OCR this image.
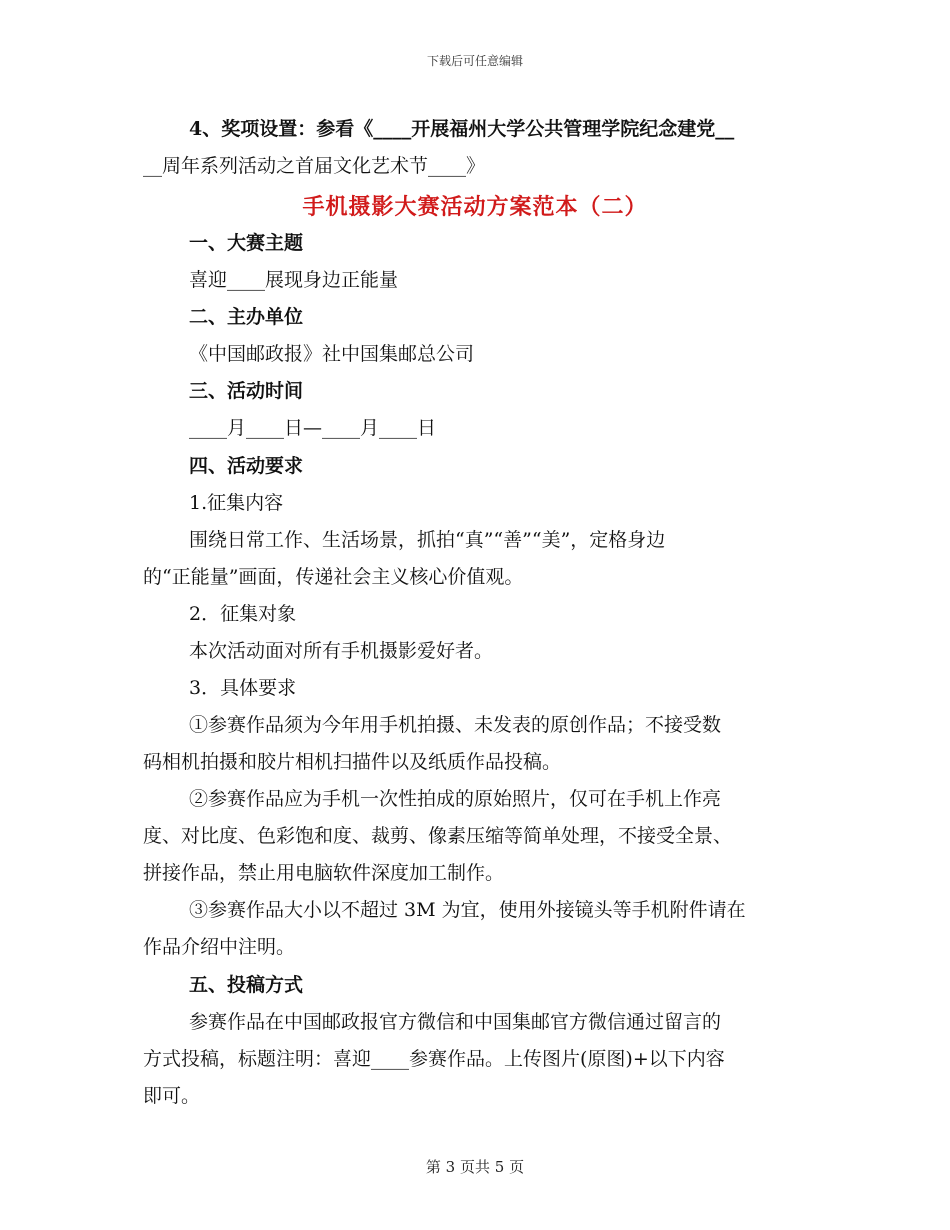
下载后可任意编辑
4、奖项设置：参看《____开展福州大学公共管理学院纪念建党__
__周年系列活动之首届文化艺术节____》
手机摄影大赛活动方案范本（二）
一、大赛主题
喜迎____展现身边正能量
二、主办单位
《中国邮政报》社中国集邮总公司
三、活动时间
____月____日—____月____日
四、活动要求
1.征集内容
围绕日常工作、生活场景，抓拍“真”“善”“美”，定格身边
的“正能量”画面，传递社会主义核心价值观。
2．征集对象
本次活动面对所有手机摄影爱好者。
3．具体要求
①参赛作品须为今年用手机拍摄、未发表的原创作品；不接受数
码相机拍摄和胶片相机扫描件以及纸质作品投稿。
②参赛作品应为手机一次性拍成的原始照片，仅可在手机上作亮
度、对比度、色彩饱和度、裁剪、像素压缩等简单处理，不接受全景、
拼接作品，禁止用电脑软件深度加工制作。
③参赛作品大小以不超过 3M 为宜，使用外接镜头等手机附件请在
作品介绍中注明。
五、投稿方式
参赛作品在中国邮政报官方微信和中国集邮官方微信通过留言的
方式投稿，标题注明：喜迎____参赛作品。上传图片(原图)+以下内容
即可。
第 3 页共 5 页
